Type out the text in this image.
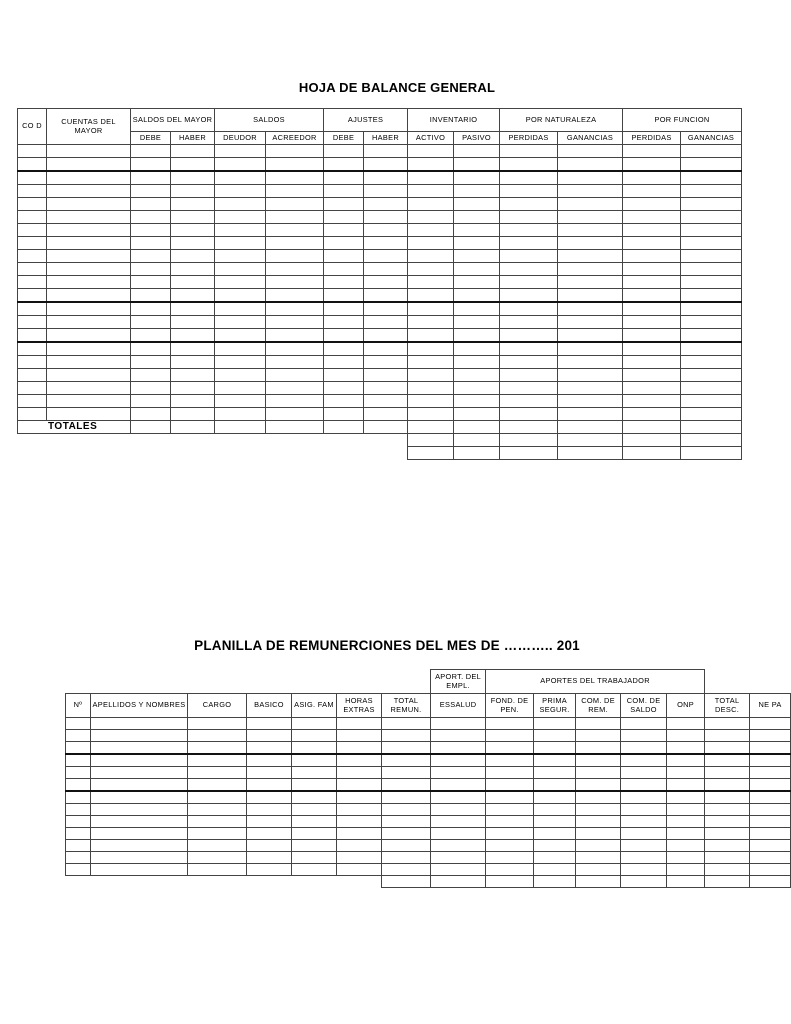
HOJA DE BALANCE GENERAL
CO D	CUENTAS DEL MAYOR	SALDOS DEL MAYOR		SALDOS		AJUSTES		INVENTARIO		POR NATURALEZA		POR FUNCION	
		DEBE	HABER	DEUDOR	ACREEDOR	DEBE	HABER	ACTIVO	PASIVO	PERDIDAS	GANANCIAS	PERDIDAS	GANANCIAS

TOTALES													

PLANILLA DE REMUNERCIONES DEL MES DE ……….. 201
							APORT. DEL EMPL.	APORTES DEL TRABAJADOR						
Nº	APELLIDOS Y NOMBRES	CARGO	BASICO	ASIG. FAM	HORAS EXTRAS	TOTAL REMUN.	ESSALUD	FOND. DE PEN.	PRIMA SEGUR.	COM. DE REM.	COM. DE SALDO	ONP	TOTAL DESC.	NE PA
